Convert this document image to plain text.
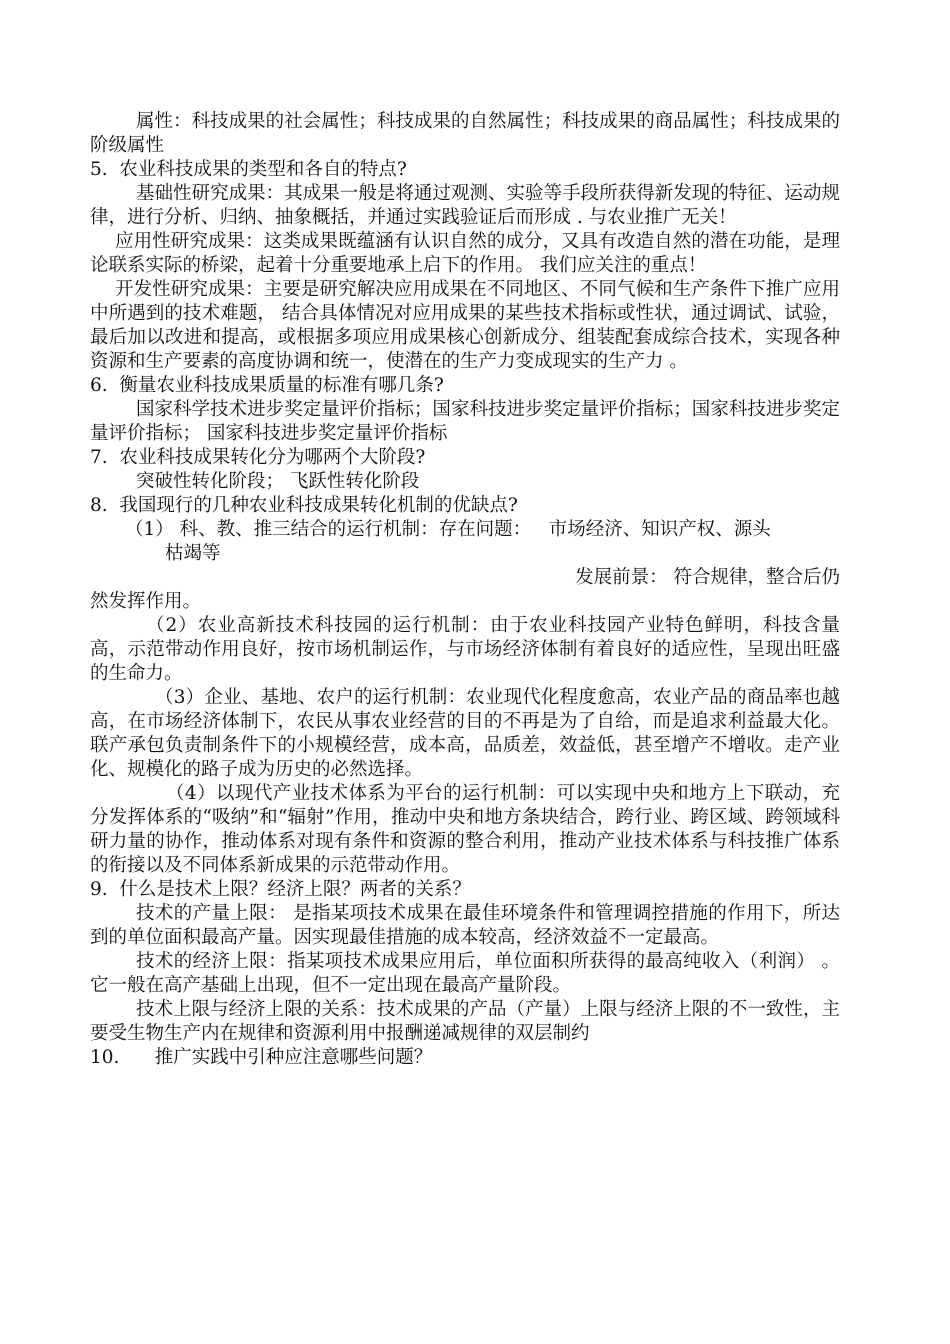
属性：科技成果的社会属性；科技成果的自然属性；科技成果的商品属性；科技成果的阶级属性

5.  农业科技成果的类型和各自的特点?

基础性研究成果：其成果一般是将通过观测、实验等手段所获得新发现的特征、运动规律，进行分析、归纳、抽象概括，并通过实践验证后而形成 . 与农业推广无关！

应用性研究成果：这类成果既蕴涵有认识自然的成分，又具有改造自然的潜在功能，是理论联系实际的桥梁，起着十分重要地承上启下的作用。 我们应关注的重点！

开发性研究成果：主要是研究解决应用成果在不同地区、不同气候和生产条件下推广应用中所遇到的技术难题， 结合具体情况对应用成果的某些技术指标或性状，通过调试、试验，最后加以改进和提高，或根据多项应用成果核心创新成分、组装配套成综合技术，实现各种资源和生产要素的高度协调和统一，使潜在的生产力变成现实的生产力 。

6.  衡量农业科技成果质量的标准有哪几条?

国家科学技术进步奖定量评价指标；国家科技进步奖定量评价指标；国家科技进步奖定量评价指标； 国家科技进步奖定量评价指标

7.  农业科技成果转化分为哪两个大阶段?

突破性转化阶段； 飞跃性转化阶段

8.  我国现行的几种农业科技成果转化机制的优缺点?

（1） 科、教、推三结合的运行机制：存在问题：   市场经济、知识产权、源头
枯竭等

发展前景： 符合规律，整合后仍

然发挥作用。

（2）农业高新技术科技园的运行机制：由于农业科技园产业特色鲜明，科技含量高，示范带动作用良好，按市场机制运作，与市场经济体制有着良好的适应性，呈现出旺盛的生命力。

（3）企业、基地、农户的运行机制：农业现代化程度愈高，农业产品的商品率也越高，在市场经济体制下，农民从事农业经营的目的不再是为了自给，而是追求利益最大化。联产承包负责制条件下的小规模经营，成本高，品质差，效益低，甚至增产不增收。走产业化、规模化的路子成为历史的必然选择。

（4）以现代产业技术体系为平台的运行机制：可以实现中央和地方上下联动，充分发挥体系的“吸纳”和“辐射”作用，推动中央和地方条块结合，跨行业、跨区域、跨领域科研力量的协作，推动体系对现有条件和资源的整合利用，推动产业技术体系与科技推广体系的衔接以及不同体系新成果的示范带动作用。

9.  什么是技术上限？经济上限？两者的关系？

技术的产量上限： 是指某项技术成果在最佳环境条件和管理调控措施的作用下，所达到的单位面积最高产量。因实现最佳措施的成本较高，经济效益不一定最高。

技术的经济上限：指某项技术成果应用后，单位面积所获得的最高纯收入（利润） 。它一般在高产基础上出现，但不一定出现在最高产量阶段。

技术上限与经济上限的关系：技术成果的产品（产量）上限与经济上限的不一致性，主要受生物生产内在规律和资源利用中报酬递减规律的双层制约

10.      推广实践中引种应注意哪些问题？
